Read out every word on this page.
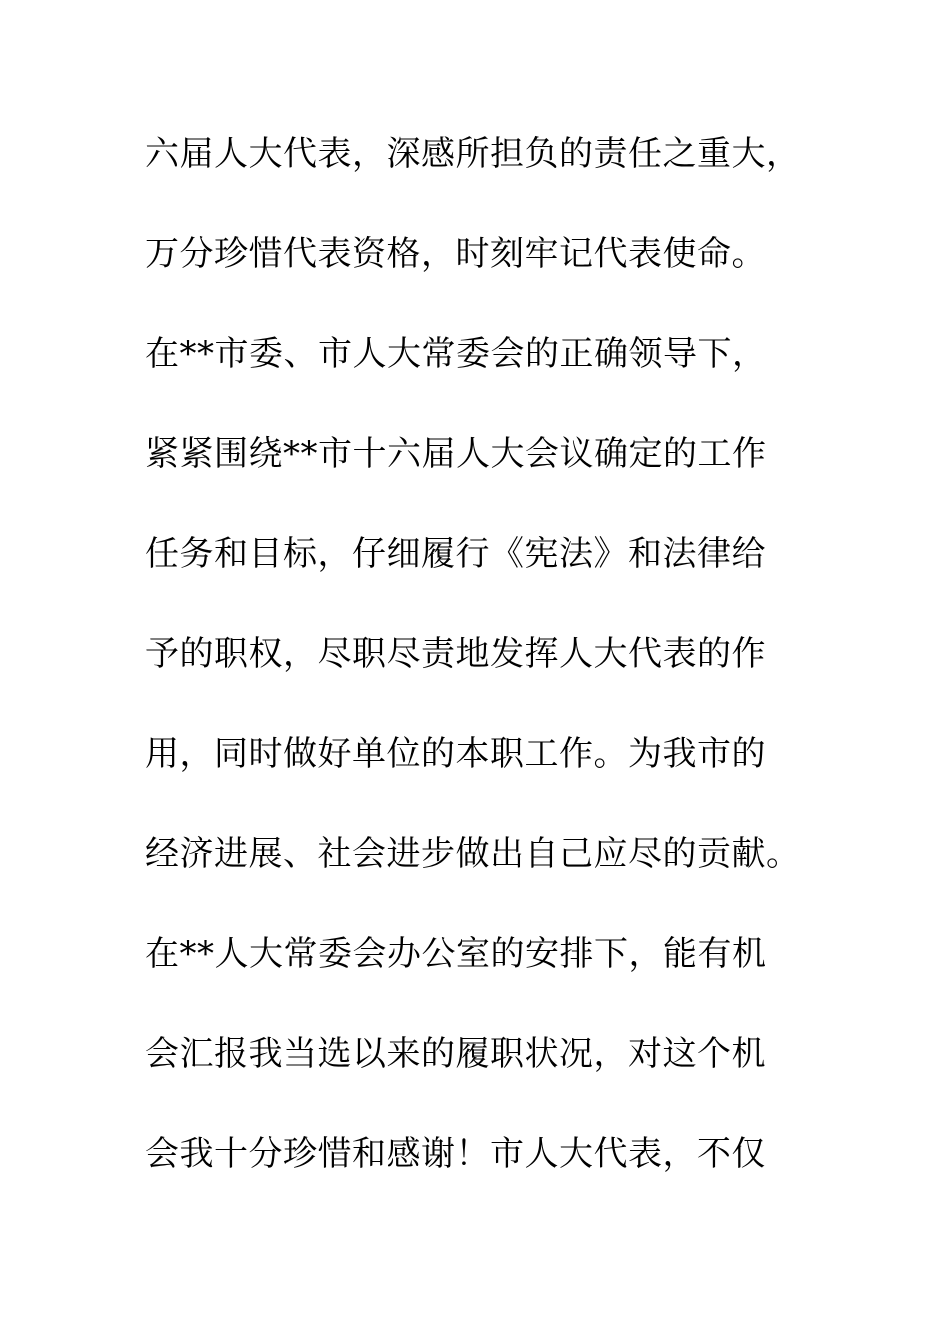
六届人大代表，深感所担负的责任之重大，
万分珍惜代表资格，时刻牢记代表使命。
在**市委、市人大常委会的正确领导下，
紧紧围绕**市十六届人大会议确定的工作
任务和目标，仔细履行《宪法》和法律给
予的职权，尽职尽责地发挥人大代表的作
用，同时做好单位的本职工作。为我市的
经济进展、社会进步做出自己应尽的贡献。
在**人大常委会办公室的安排下，能有机
会汇报我当选以来的履职状况，对这个机
会我十分珍惜和感谢！市人大代表，不仅
